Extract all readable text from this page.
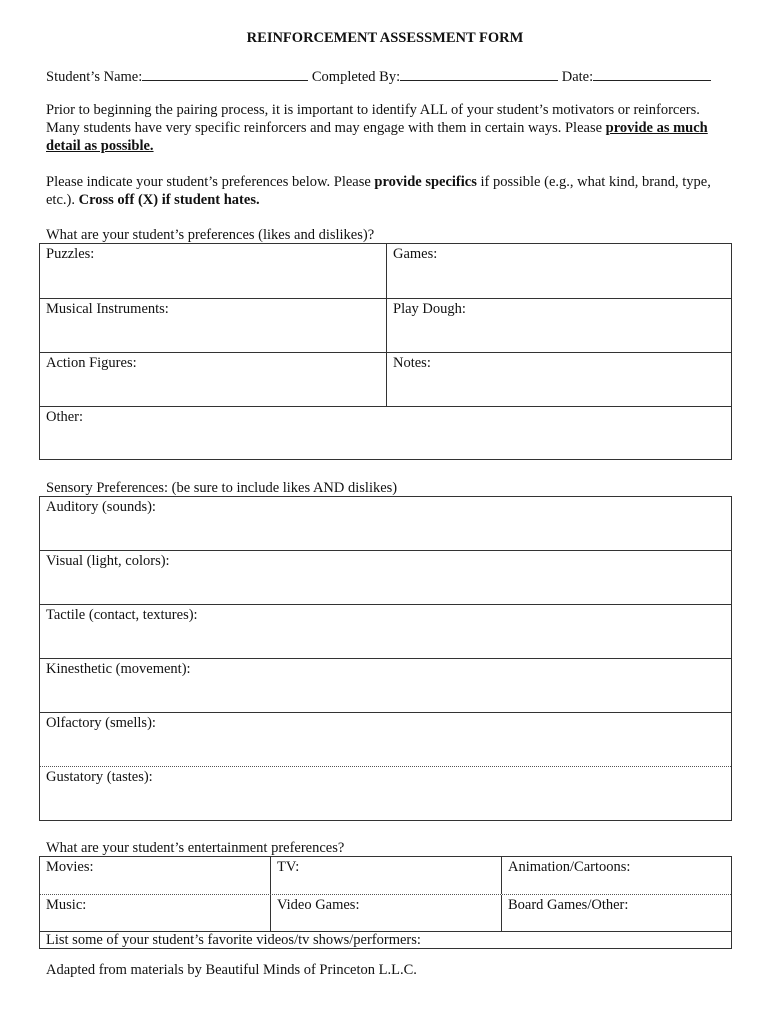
REINFORCEMENT ASSESSMENT FORM
Student’s Name:	Completed By:	Date:
Prior to beginning the pairing process, it is important to identify ALL of your student’s motivators or reinforcers. Many students have very specific reinforcers and may engage with them in certain ways. Please provide as much detail as possible.
Please indicate your student’s preferences below. Please provide specifics if possible (e.g., what kind, brand, type, etc.). Cross off (X) if student hates.
What are your student’s preferences (likes and dislikes)?
Puzzles:	Games:
Musical Instruments:	Play Dough:
Action Figures:	Notes:
Other:
Sensory Preferences: (be sure to include likes AND dislikes)
Auditory (sounds):
Visual (light, colors):
Tactile (contact, textures):
Kinesthetic (movement):
Olfactory (smells):
Gustatory (tastes):
What are your student’s entertainment preferences?
Movies:	TV:	Animation/Cartoons:
Music:	Video Games:	Board Games/Other:
List some of your student’s favorite videos/tv shows/performers:
Adapted from materials by Beautiful Minds of Princeton L.L.C.
